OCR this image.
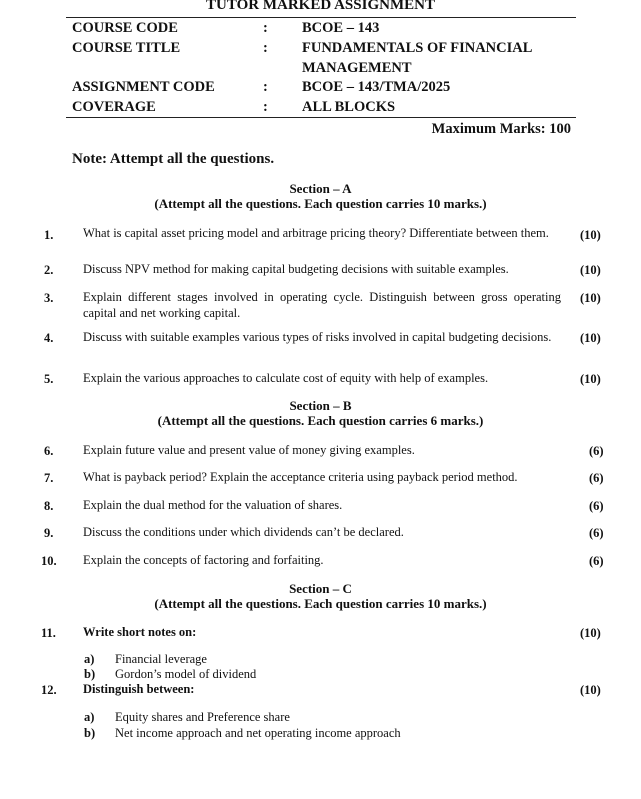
TUTOR MARKED ASSIGNMENT
COURSE CODE	: BCOE – 143
COURSE TITLE	: FUNDAMENTALS OF FINANCIAL
MANAGEMENT
ASSIGNMENT CODE	: BCOE – 143/TMA/2025
COVERAGE	: ALL BLOCKS
Maximum Marks: 100
Note: Attempt all the questions.
Section – A
(Attempt all the questions. Each question carries 10 marks.)
1. What is capital asset pricing model and arbitrage pricing theory? Differentiate between them.	(10)
2. Discuss NPV method for making capital budgeting decisions with suitable examples.	(10)
3. Explain different stages involved in operating cycle. Distinguish between gross operating capital and net working capital.
(10)
4. Discuss with suitable examples various types of risks involved in capital budgeting decisions.	(10)
5. Explain the various approaches to calculate cost of equity with help of examples.	(10)
Section – B
(Attempt all the questions. Each question carries 6 marks.)
6. Explain future value and present value of money giving examples.	(6)
7. What is payback period? Explain the acceptance criteria using payback period method.	(6)
8. Explain the dual method for the valuation of shares.	(6)
9. Discuss the conditions under which dividends can’t be declared.	(6)
10. Explain the concepts of factoring and forfaiting.	(6)
Section – C
(Attempt all the questions. Each question carries 10 marks.)
11. Write short notes on:	(10)
a) Financial leverage
b) Gordon’s model of dividend
12. Distinguish between:	(10)
a) Equity shares and Preference share
b) Net income approach and net operating income approach
